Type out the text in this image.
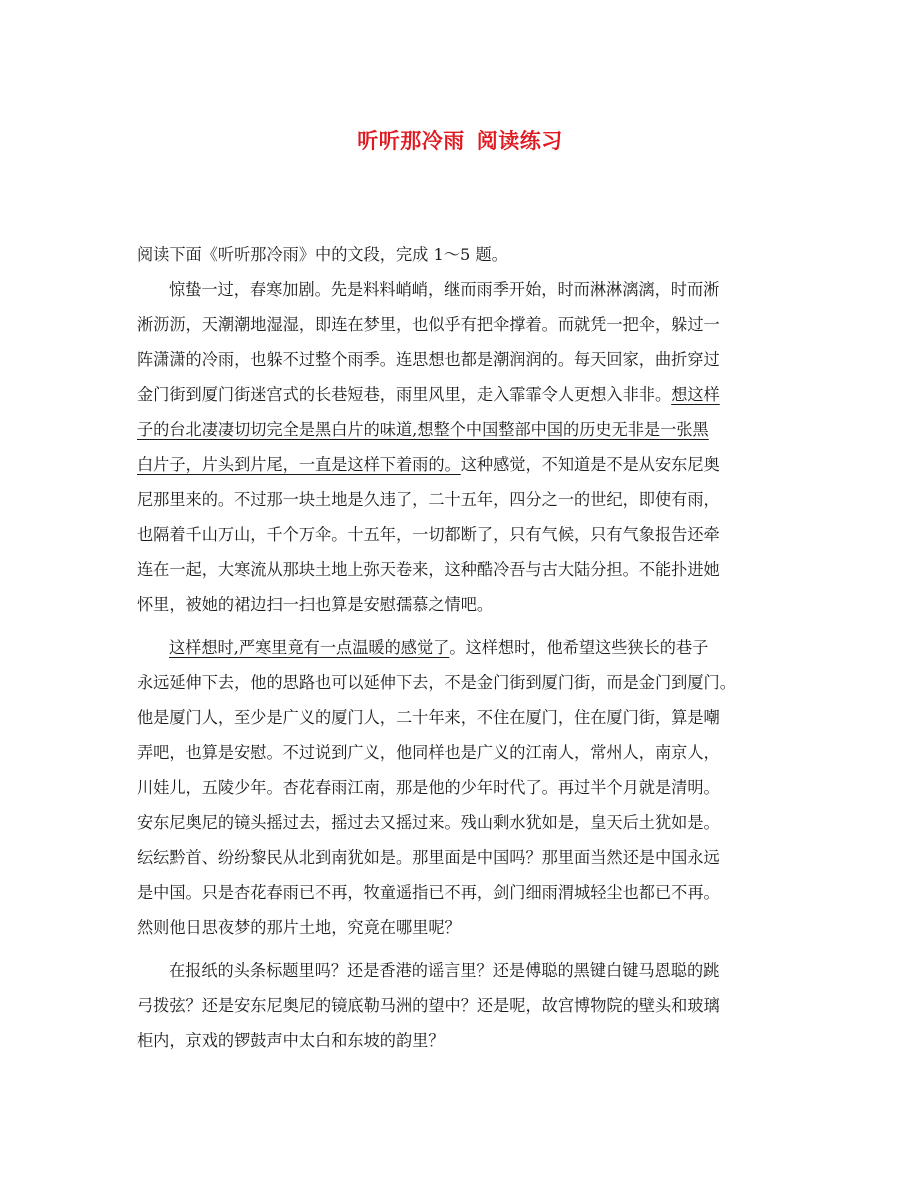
听听那冷雨 阅读练习
阅读下面《听听那冷雨》中的文段，完成 1～5 题。
惊蛰一过，春寒加剧。先是料料峭峭，继而雨季开始，时而淋淋漓漓，时而淅
淅沥沥，天潮潮地湿湿，即连在梦里，也似乎有把伞撑着。而就凭一把伞，躲过一
阵潇潇的冷雨，也躲不过整个雨季。连思想也都是潮润润的。每天回家，曲折穿过
金门街到厦门街迷宫式的长巷短巷，雨里风里，走入霏霏令人更想入非非。想这样
子的台北凄凄切切完全是黑白片的味道,想整个中国整部中国的历史无非是一张黑
白片子，片头到片尾，一直是这样下着雨的。这种感觉，不知道是不是从安东尼奥
尼那里来的。不过那一块土地是久违了，二十五年，四分之一的世纪，即使有雨，
也隔着千山万山，千个万伞。十五年，一切都断了，只有气候，只有气象报告还牵
连在一起，大寒流从那块土地上弥天卷来，这种酷冷吾与古大陆分担。不能扑进她
怀里，被她的裙边扫一扫也算是安慰孺慕之情吧。
这样想时,严寒里竟有一点温暖的感觉了。这样想时，他希望这些狭长的巷子
永远延伸下去，他的思路也可以延伸下去，不是金门街到厦门街，而是金门到厦门。
他是厦门人，至少是广义的厦门人，二十年来，不住在厦门，住在厦门街，算是嘲
弄吧，也算是安慰。不过说到广义，他同样也是广义的江南人，常州人，南京人，
川娃儿，五陵少年。杏花春雨江南，那是他的少年时代了。再过半个月就是清明。
安东尼奥尼的镜头摇过去，摇过去又摇过来。残山剩水犹如是，皇天后土犹如是。
纭纭黔首、纷纷黎民从北到南犹如是。那里面是中国吗？那里面当然还是中国永远
是中国。只是杏花春雨已不再，牧童遥指已不再，剑门细雨渭城轻尘也都已不再。
然则他日思夜梦的那片土地，究竟在哪里呢？
在报纸的头条标题里吗？还是香港的谣言里？还是傅聪的黑键白键马恩聪的跳
弓拨弦？还是安东尼奥尼的镜底勒马洲的望中？还是呢，故宫博物院的壁头和玻璃
柜内，京戏的锣鼓声中太白和东坡的韵里？
